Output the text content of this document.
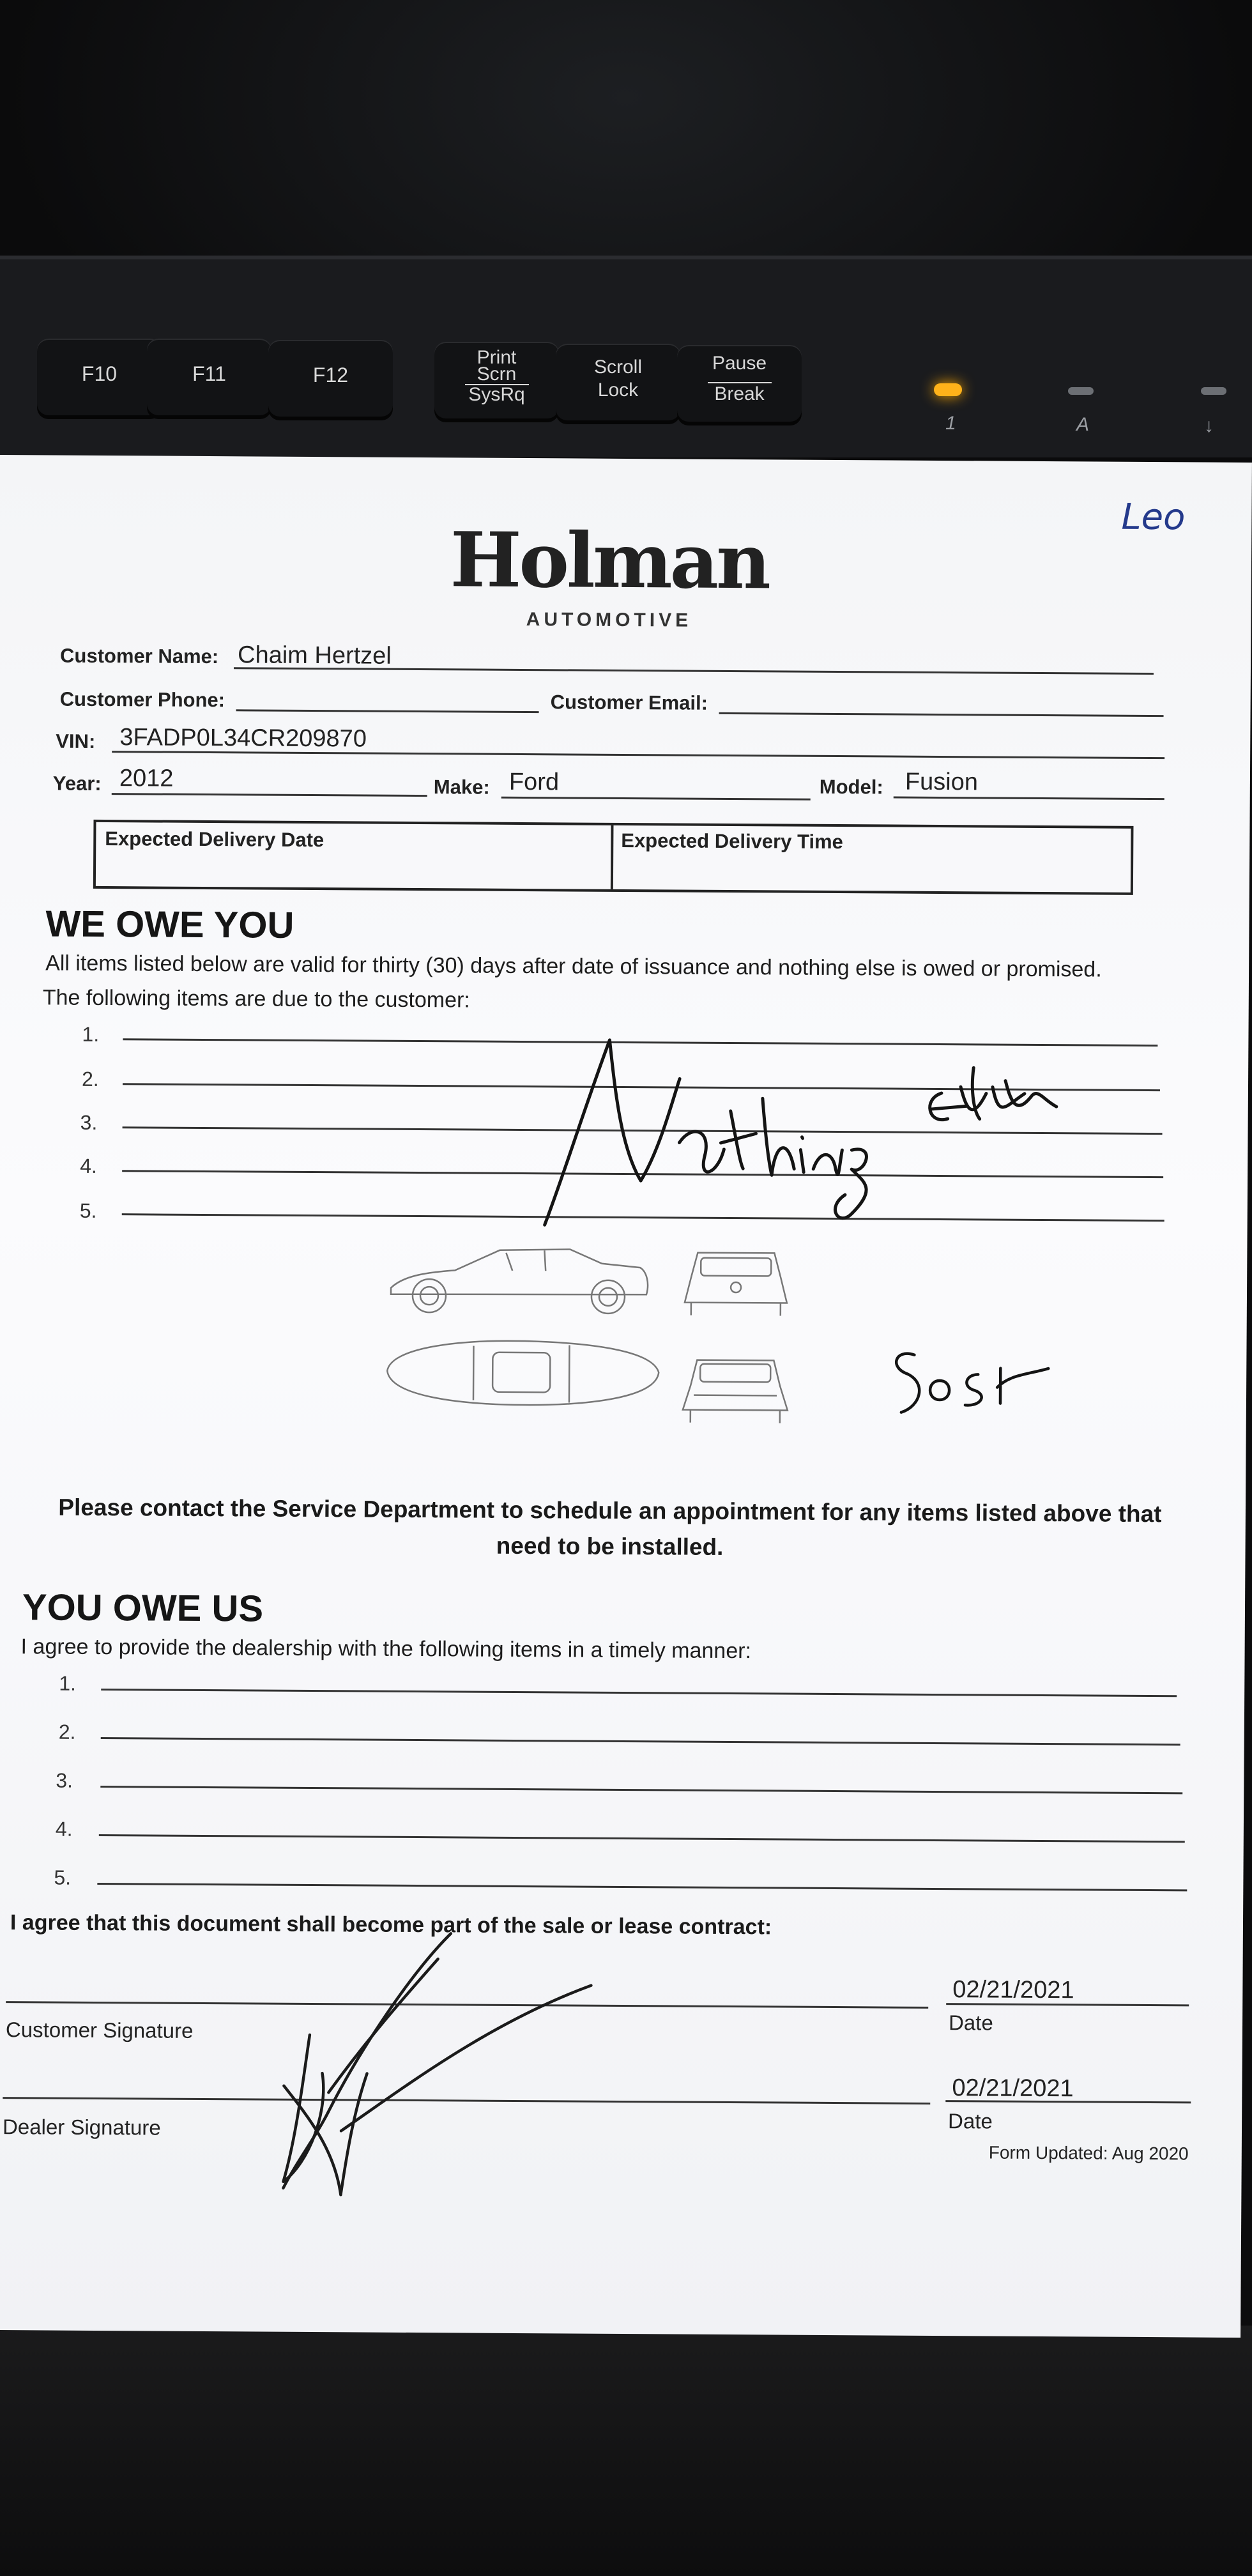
F10	F11	F12
Print
Scrn
SysRq
Scroll
Lock
Pause
Break
1	A	↓
Leo
Holman
AUTOMOTIVE
Customer Name: Chaim Hertzel
Customer Phone:	Customer Email:
VIN: 3FADP0L34CR209870
Year: 2012	Make: Ford	Model: Fusion
Expected Delivery Date	Expected Delivery Time
WE OWE YOU
All items listed below are valid for thirty (30) days after date of issuance and nothing else is owed or promised.
The following items are due to the customer:
1.
2.
3.
4.
5.
Please contact the Service Department to schedule an appointment for any items listed above that
need to be installed.
YOU OWE US
I agree to provide the dealership with the following items in a timely manner:
1.
2.
3.
4.
5.
I agree that this document shall become part of the sale or lease contract:
Customer Signature
Dealer Signature
02/21/2021
Date
02/21/2021
Date
Form Updated: Aug 2020
